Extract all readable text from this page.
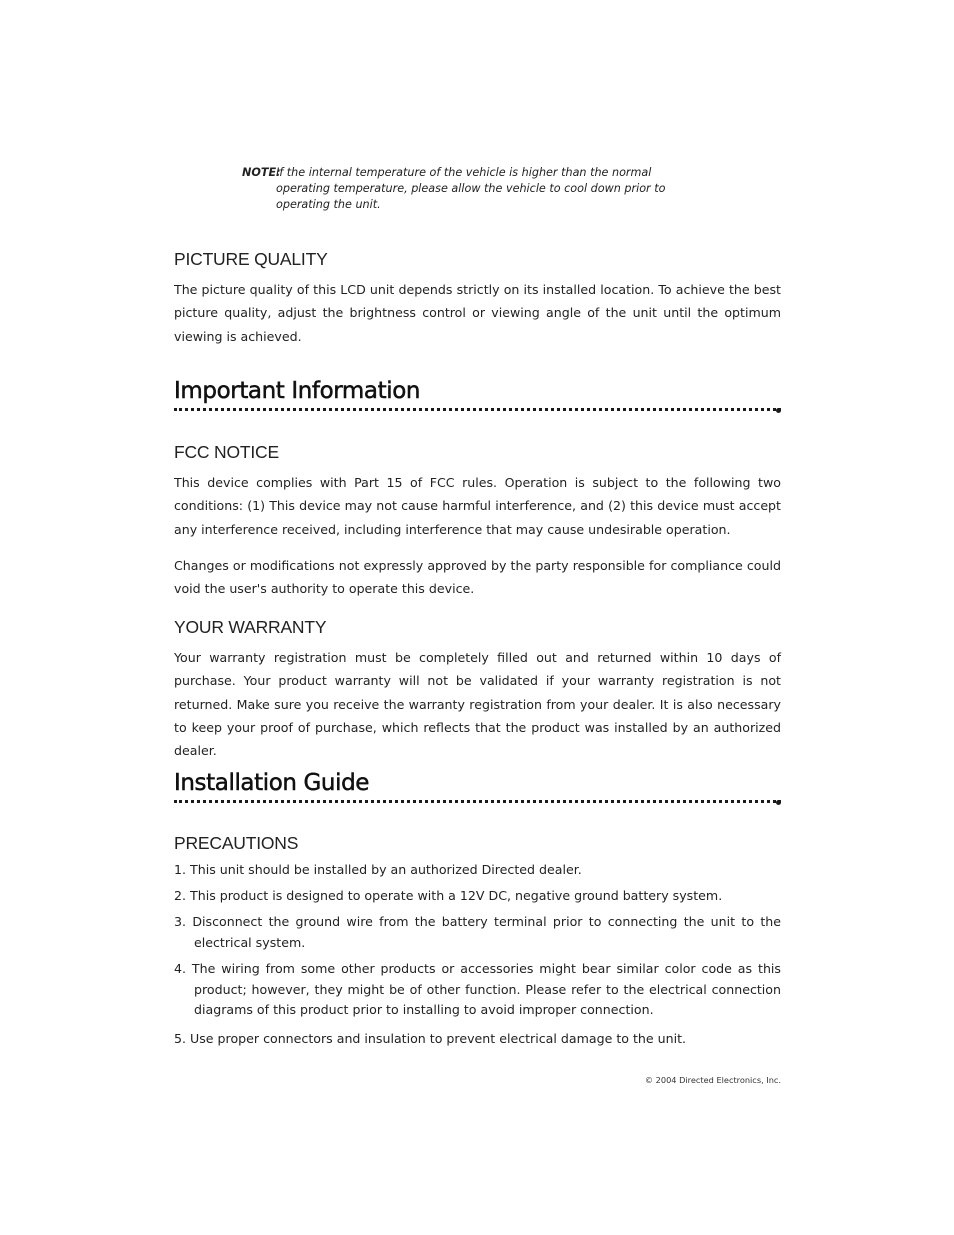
NOTE:
If the internal temperature of the vehicle is higher than the normal operating temperature, please allow the vehicle to cool down prior to operating the unit.
PICTURE QUALITY
The picture quality of this LCD unit depends strictly on its installed location. To achieve the best picture quality, adjust the brightness control or viewing angle of the unit until the optimum viewing is achieved.
Important Information
FCC NOTICE
This device complies with Part 15 of FCC rules. Operation is subject to the following two conditions: (1) This device may not cause harmful interference, and (2) this device must accept any interference received, including interference that may cause undesirable operation.
Changes or modifications not expressly approved by the party responsible for compliance could void the user's authority to operate this device.
YOUR WARRANTY
Your warranty registration must be completely filled out and returned within 10 days of purchase. Your product warranty will not be validated if your warranty registration is not returned. Make sure you receive the warranty registration from your dealer. It is also necessary to keep your proof of purchase, which reflects that the product was installed by an authorized dealer.
Installation Guide
PRECAUTIONS
1. This unit should be installed by an authorized Directed dealer.
2. This product is designed to operate with a 12V DC, negative ground battery system.
3. Disconnect the ground wire from the battery terminal prior to connecting the unit to the electrical system.
4. The wiring from some other products or accessories might bear similar color code as this product; however, they might be of other function. Please refer to the electrical connection diagrams of this product prior to installing to avoid improper connection.
5. Use proper connectors and insulation to prevent electrical damage to the unit.
© 2004 Directed Electronics, Inc.
